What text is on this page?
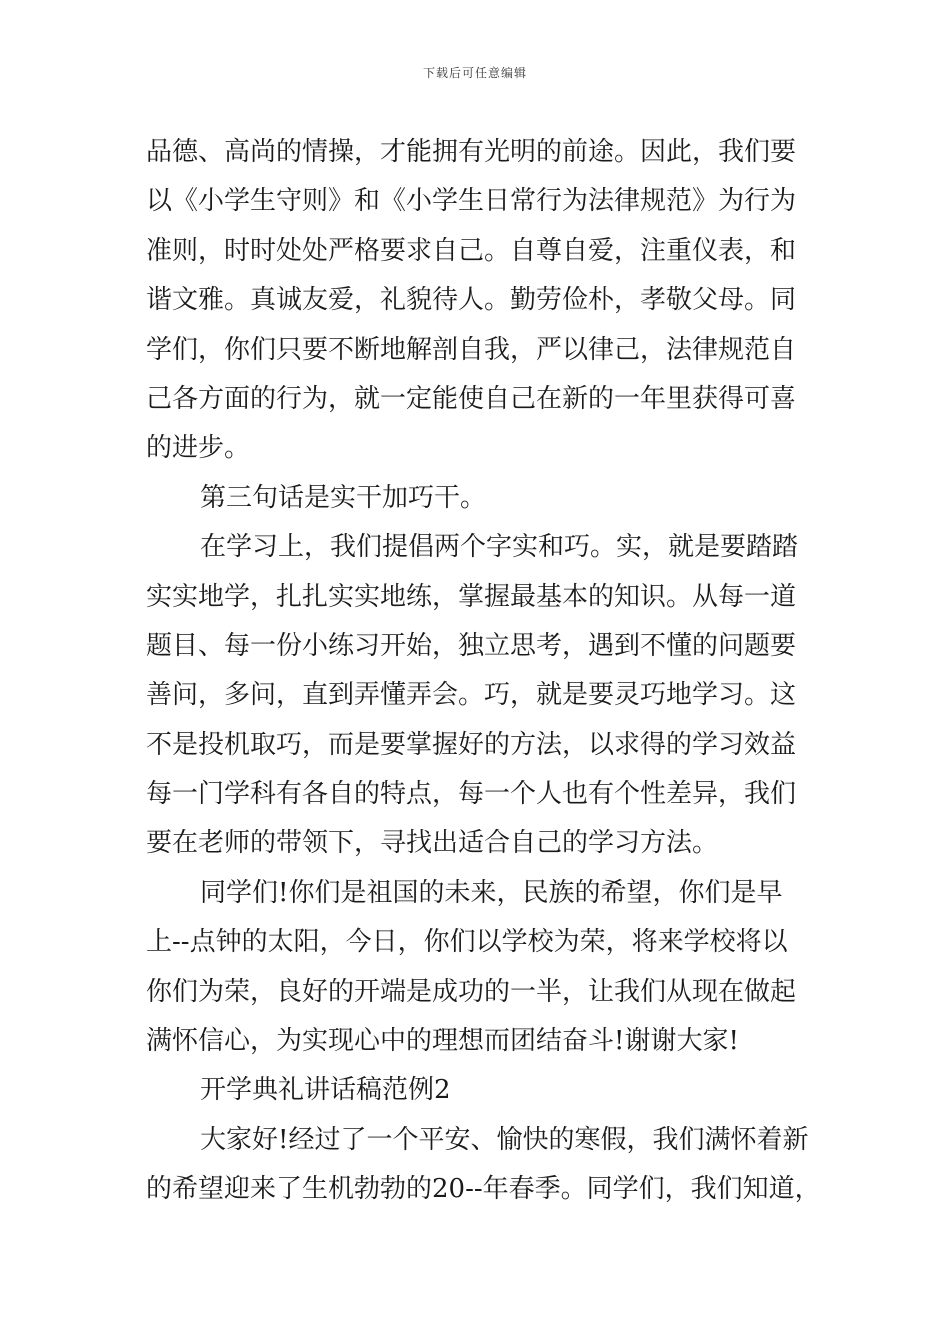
下载后可任意编辑
品德、高尚的情操，才能拥有光明的前途。因此，我们要
以《小学生守则》和《小学生日常行为法律规范》为行为
准则，时时处处严格要求自己。自尊自爱，注重仪表，和
谐文雅。真诚友爱，礼貌待人。勤劳俭朴，孝敬父母。同
学们，你们只要不断地解剖自我，严以律己，法律规范自
己各方面的行为，就一定能使自己在新的一年里获得可喜
的进步。
第三句话是实干加巧干。
在学习上，我们提倡两个字实和巧。实，就是要踏踏
实实地学，扎扎实实地练，掌握最基本的知识。从每一道
题目、每一份小练习开始，独立思考，遇到不懂的问题要
善问，多问，直到弄懂弄会。巧，就是要灵巧地学习。这
不是投机取巧，而是要掌握好的方法，以求得的学习效益
每一门学科有各自的特点，每一个人也有个性差异，我们
要在老师的带领下，寻找出适合自己的学习方法。
同学们!你们是祖国的未来，民族的希望，你们是早
上--点钟的太阳，今日，你们以学校为荣，将来学校将以
你们为荣，良好的开端是成功的一半，让我们从现在做起
满怀信心，为实现心中的理想而团结奋斗!谢谢大家!
开学典礼讲话稿范例2
大家好!经过了一个平安、愉快的寒假，我们满怀着新
的希望迎来了生机勃勃的20--年春季。同学们，我们知道，
